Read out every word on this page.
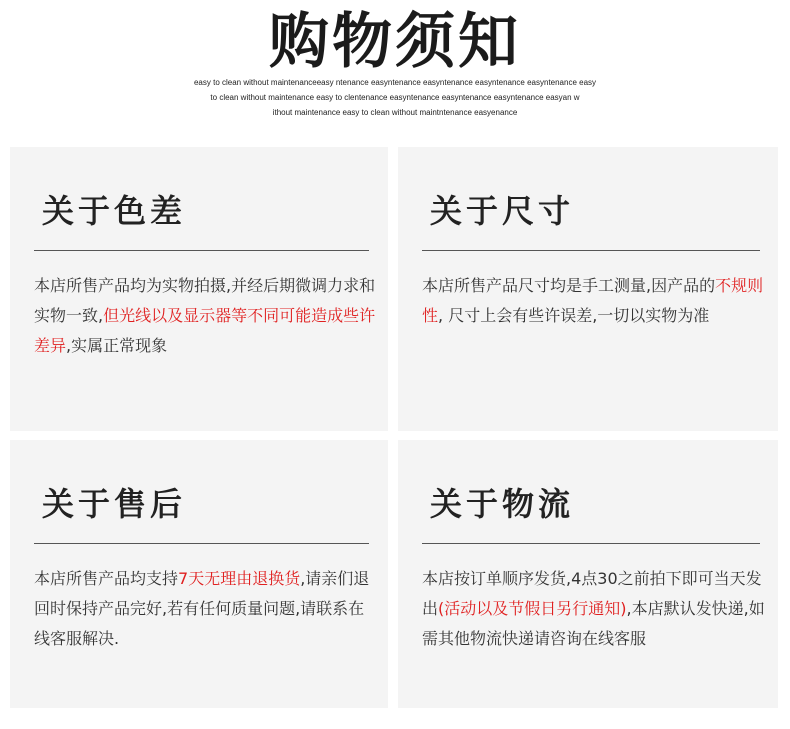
购物须知
easy to clean without maintenanceeasy ntenance easyntenance easyntenance easyntenance easyntenance easy
to clean without maintenance easy to clentenance easyntenance easyntenance easyntenance easyan w
ithout maintenance easy to clean without maintntenance easyenance
关于色差
本店所售产品均为实物拍摄,并经后期微调力求和实物一致,但光线以及显示器等不同可能造成些许差异,实属正常现象
关于尺寸
本店所售产品尺寸均是手工测量,因产品的不规则性, 尺寸上会有些许误差,一切以实物为准
关于售后
本店所售产品均支持7天无理由退换货,请亲们退回时保持产品完好,若有任何质量问题,请联系在线客服解决.
关于物流
本店按订单顺序发货,4点30之前拍下即可当天发出(活动以及节假日另行通知),本店默认发快递,如需其他物流快递请咨询在线客服
